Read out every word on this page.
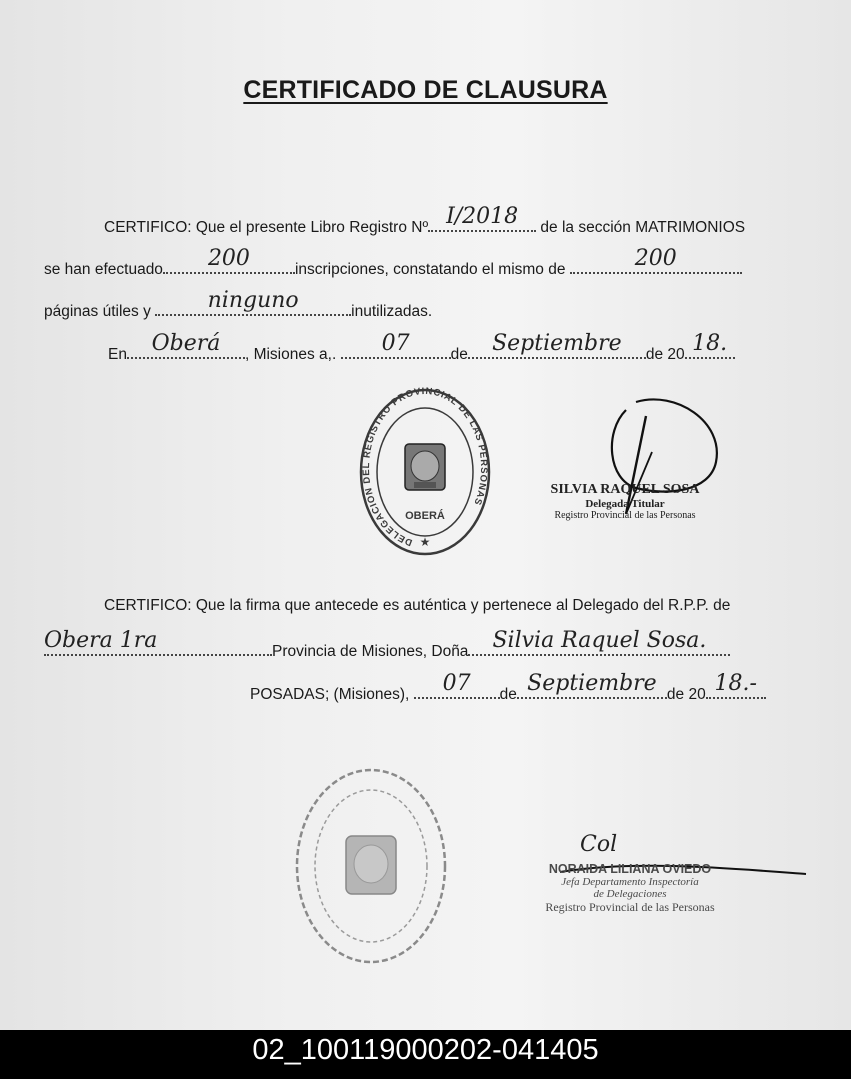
CERTIFICADO DE CLAUSURA
CERTIFICO: Que el presente Libro Registro Nº I/2018	de la sección MATRIMONIOS
se han efectuado	200	inscripciones, constatando el mismo de	200
páginas útiles y	ninguno	inutilizadas.
En	Oberá	, Misiones a,.	07	de	Septiembre	de 20 18.
DELEGACION DEL REGISTRO PROVINCIAL DE LAS PERSONAS
OBERÁ
★
SILVIA RAQUEL SOSA
Delegada Titular
Registro Provincial de las Personas
CERTIFICO: Que la firma que antecede es auténtica y pertenece al Delegado del R.P.P. de
Obera 1ra	Provincia de Misiones, Doña	Silvia Raquel Sosa.
POSADAS; (Misiones),	07	de Septiembre de 20 18.-
Col
NORAIDA LILIANA OVIEDO
Jefa Departamento Inspectoría
de Delegaciones
Registro Provincial de las Personas
02_100119000202-041405
